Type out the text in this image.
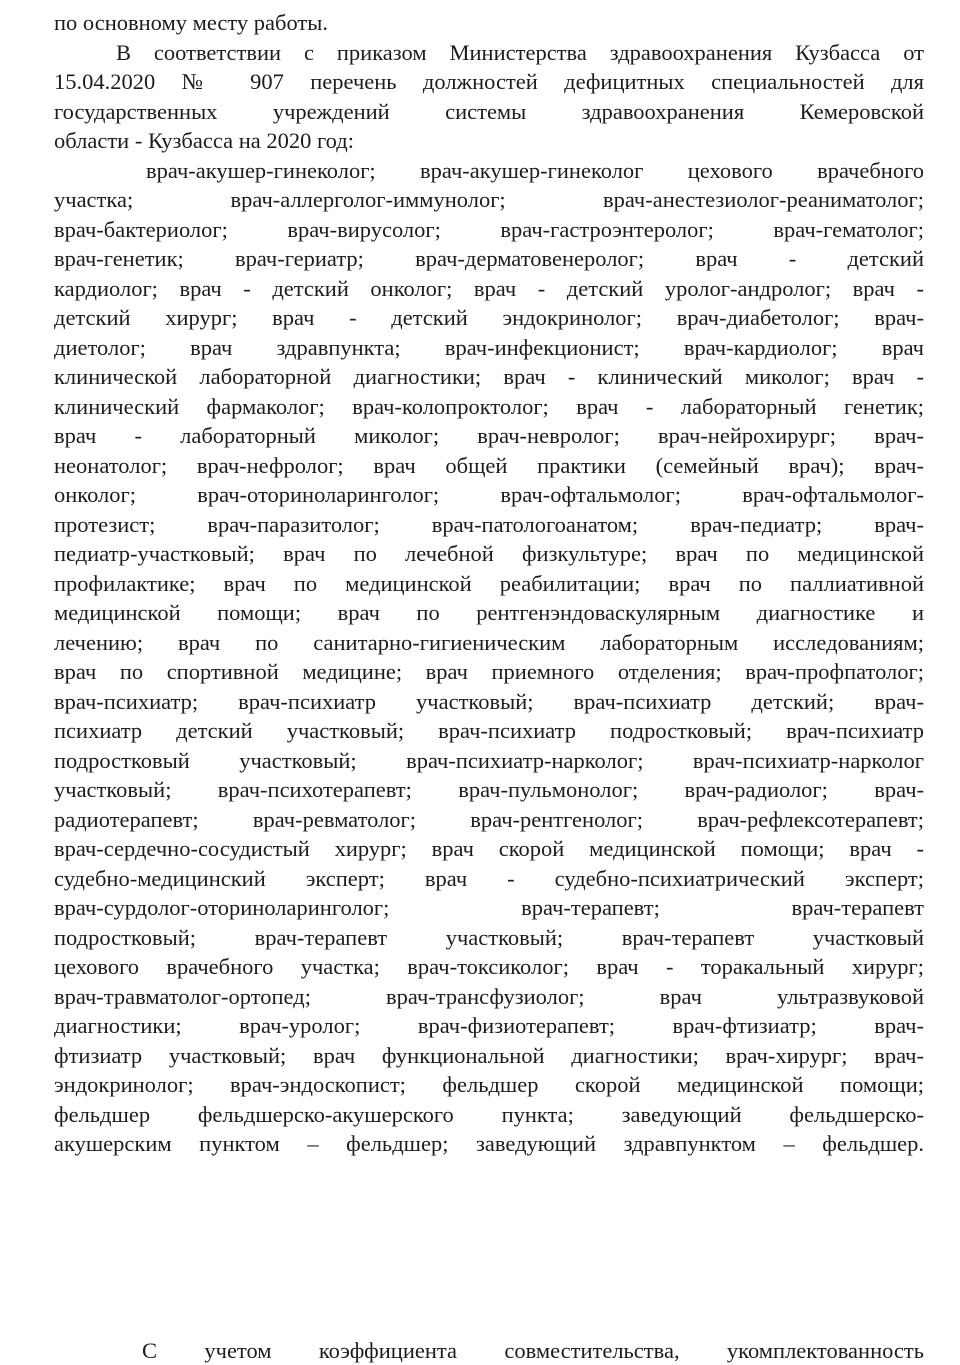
по основному месту работы.
В соответствии с приказом Министерства здравоохранения Кузбасса от
15.04.2020 № 907 перечень должностей дефицитных специальностей для
государственных учреждений системы здравоохранения Кемеровской
области - Кузбасса на 2020 год:
врач-акушер-гинеколог; врач-акушер-гинеколог цехового врачебного
участка; врач-аллерголог-иммунолог; врач-анестезиолог-реаниматолог;
врач-бактериолог; врач-вирусолог; врач-гастроэнтеролог; врач-гематолог;
врач-генетик; врач-гериатр; врач-дерматовенеролог; врач - детский
кардиолог; врач - детский онколог; врач - детский уролог-андролог; врач -
детский хирург; врач - детский эндокринолог; врач-диабетолог; врач-
диетолог; врач здравпункта; врач-инфекционист; врач-кардиолог; врач
клинической лабораторной диагностики; врач - клинический миколог; врач -
клинический фармаколог; врач-колопроктолог; врач - лабораторный генетик;
врач - лабораторный миколог; врач-невролог; врач-нейрохирург; врач-
неонатолог; врач-нефролог; врач общей практики (семейный врач); врач-
онколог; врач-оториноларинголог; врач-офтальмолог; врач-офтальмолог-
протезист; врач-паразитолог; врач-патологоанатом; врач-педиатр; врач-
педиатр-участковый; врач по лечебной физкультуре; врач по медицинской
профилактике; врач по медицинской реабилитации; врач по паллиативной
медицинской помощи; врач по рентгенэндоваскулярным диагностике и
лечению; врач по санитарно-гигиеническим лабораторным исследованиям;
врач по спортивной медицине; врач приемного отделения; врач-профпатолог;
врач-психиатр; врач-психиатр участковый; врач-психиатр детский; врач-
психиатр детский участковый; врач-психиатр подростковый; врач-психиатр
подростковый участковый; врач-психиатр-нарколог; врач-психиатр-нарколог
участковый; врач-психотерапевт; врач-пульмонолог; врач-радиолог; врач-
радиотерапевт; врач-ревматолог; врач-рентгенолог; врач-рефлексотерапевт;
врач-сердечно-сосудистый хирург; врач скорой медицинской помощи; врач -
судебно-медицинский эксперт; врач - судебно-психиатрический эксперт;
врач-сурдолог-оториноларинголог; врач-терапевт; врач-терапевт
подростковый; врач-терапевт участковый; врач-терапевт участковый
цехового врачебного участка; врач-токсиколог; врач - торакальный хирург;
врач-травматолог-ортопед; врач-трансфузиолог; врач ультразвуковой
диагностики; врач-уролог; врач-физиотерапевт; врач-фтизиатр; врач-
фтизиатр участковый; врач функциональной диагностики; врач-хирург; врач-
эндокринолог; врач-эндоскопист; фельдшер скорой медицинской помощи;
фельдшер фельдшерско-акушерского пункта; заведующий фельдшерско-
акушерским пунктом – фельдшер; заведующий здравпунктом – фельдшер.
С учетом коэффициента совместительства, укомплектованность
